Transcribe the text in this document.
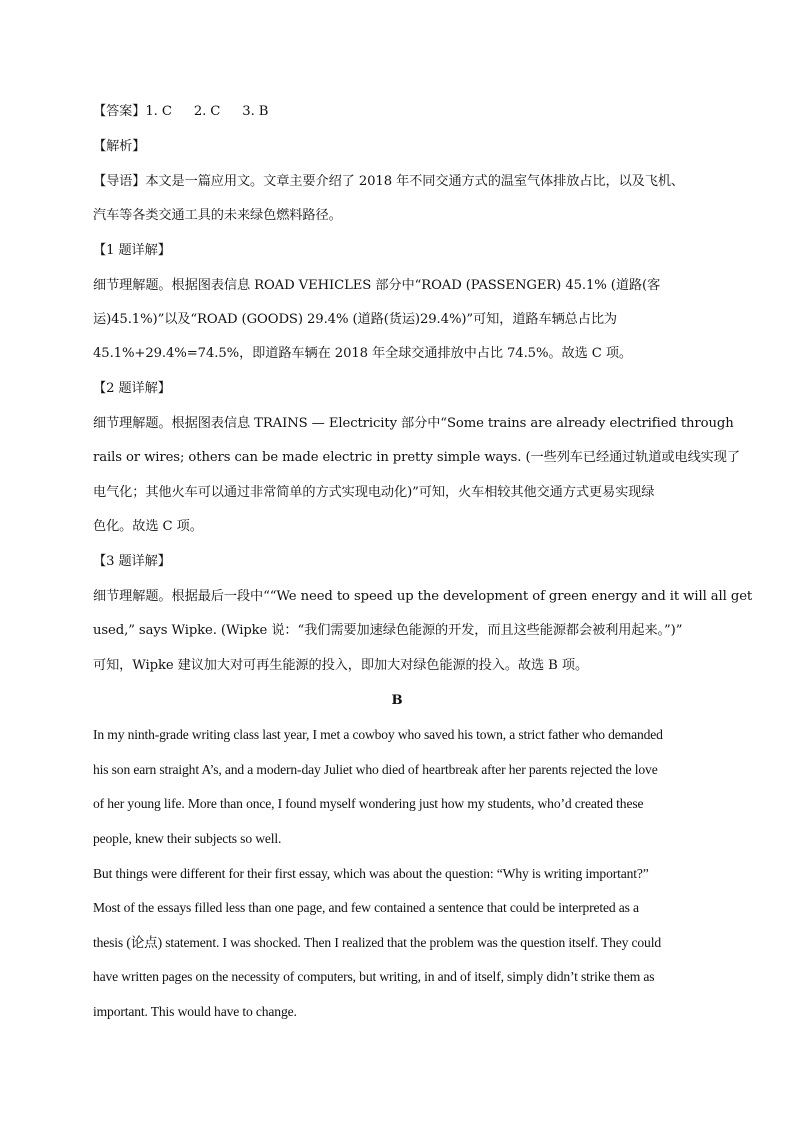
【答案】1. C 2. C 3. B
【解析】
【导语】本文是一篇应用文。文章主要介绍了 2018 年不同交通方式的温室气体排放占比，以及飞机、
汽车等各类交通工具的未来绿色燃料路径。
【1 题详解】
细节理解题。根据图表信息 ROAD VEHICLES 部分中“ROAD (PASSENGER) 45.1% (道路(客
运)45.1%)”以及“ROAD (GOODS) 29.4% (道路(货运)29.4%)”可知，道路车辆总占比为
45.1%+29.4%=74.5%，即道路车辆在 2018 年全球交通排放中占比 74.5%。故选 C 项。
【2 题详解】
细节理解题。根据图表信息 TRAINS — Electricity 部分中“Some trains are already electrified through
rails or wires; others can be made electric in pretty simple ways. (一些列车已经通过轨道或电线实现了
电气化；其他火车可以通过非常简单的方式实现电动化)”可知，火车相较其他交通方式更易实现绿
色化。故选 C 项。
【3 题详解】
细节理解题。根据最后一段中““We need to speed up the development of green energy and it will all get
used,” says Wipke. (Wipke 说：“我们需要加速绿色能源的开发，而且这些能源都会被利用起来。”)”
可知，Wipke 建议加大对可再生能源的投入，即加大对绿色能源的投入。故选 B 项。
B
In my ninth-grade writing class last year, I met a cowboy who saved his town, a strict father who demanded
his son earn straight A’s, and a modern-day Juliet who died of heartbreak after her parents rejected the love
of her young life. More than once, I found myself wondering just how my students, who’d created these
people, knew their subjects so well.
But things were different for their first essay, which was about the question: “Why is writing important?”
Most of the essays filled less than one page, and few contained a sentence that could be interpreted as a
thesis (论点) statement. I was shocked. Then I realized that the problem was the question itself. They could
have written pages on the necessity of computers, but writing, in and of itself, simply didn’t strike them as
important. This would have to change.
